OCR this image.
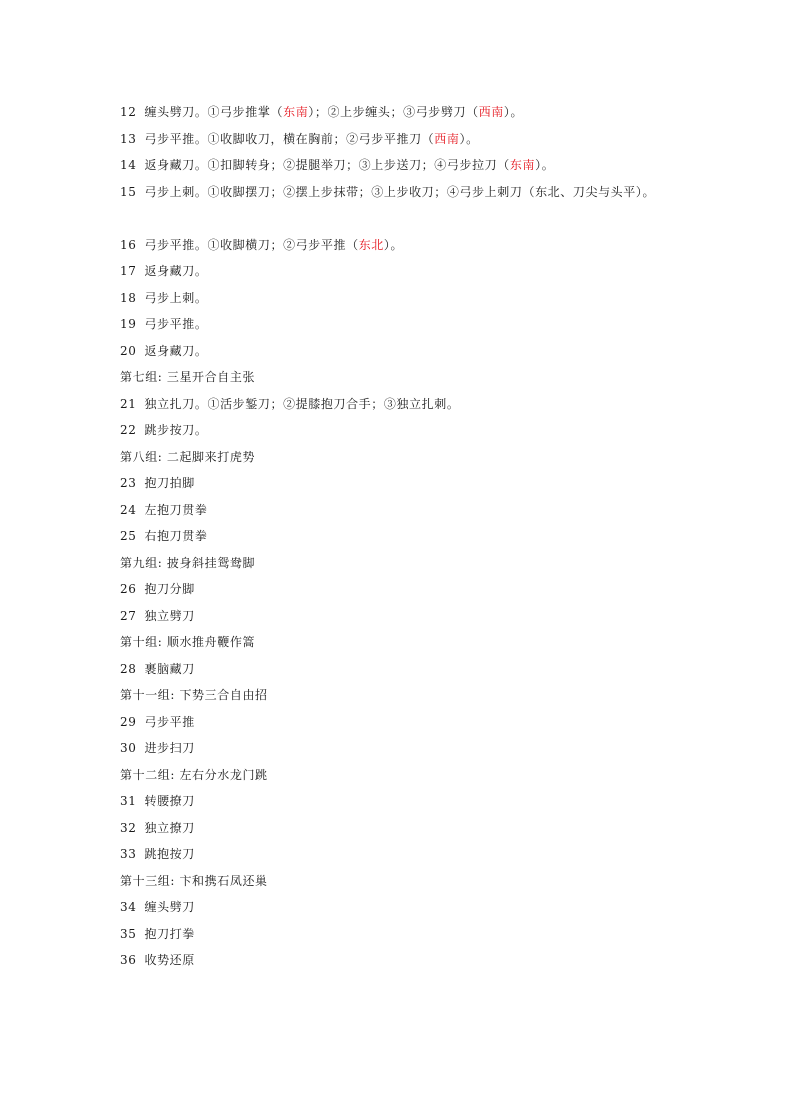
12 缠头劈刀。①弓步推掌（东南）；②上步缠头；③弓步劈刀（西南）。
13 弓步平推。①收脚收刀，横在胸前；②弓步平推刀（西南）。
14 返身藏刀。①扣脚转身；②提腿举刀；③上步送刀；④弓步拉刀（东南）。
15 弓步上刺。①收脚摆刀；②摆上步抹带；③上步收刀；④弓步上刺刀（东北、刀尖与头平）。
16 弓步平推。①收脚横刀；②弓步平推（东北）。
17 返身藏刀。
18 弓步上刺。
19 弓步平推。
20 返身藏刀。
第七组: 三星开合自主张
21 独立扎刀。①活步錾刀；②提膝抱刀合手；③独立扎刺。
22 跳步按刀。
第八组: 二起脚来打虎势
23 抱刀拍脚
24 左抱刀贯拳
25 右抱刀贯拳
第九组: 披身斜挂鸳鸯脚
26 抱刀分脚
27 独立劈刀
第十组: 顺水推舟鞭作篙
28 裹脑藏刀
第十一组: 下势三合自由招
29 弓步平推
30 进步扫刀
第十二组: 左右分水龙门跳
31 转腰撩刀
32 独立撩刀
33 跳抱按刀
第十三组: 卞和携石凤还巢
34 缠头劈刀
35 抱刀打拳
36 收势还原
